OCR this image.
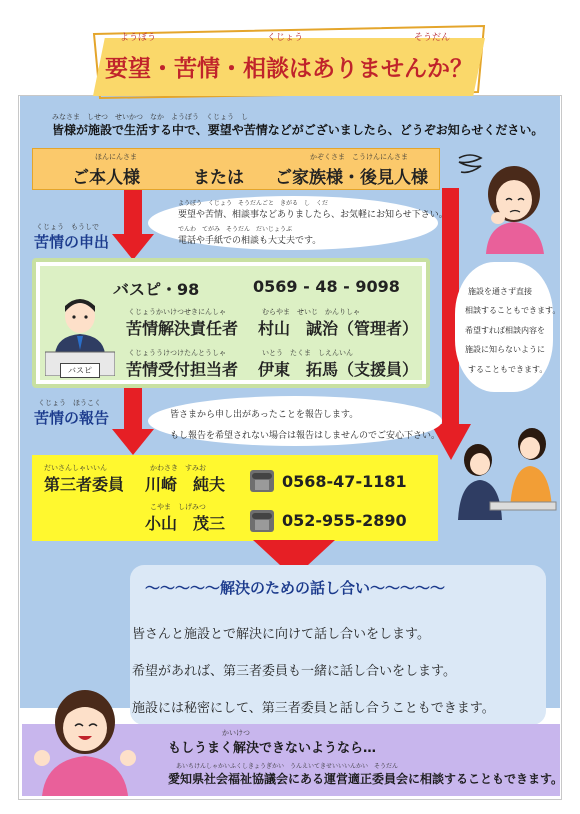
ようぼう	くじょう	そうだん
要望・苦情・相談はありませんか？
みなさま　しせつ　せいかつ　なか　ようぼう　くじょう　し
皆様が施設で生活する中で、要望や苦情などがございましたら、どうぞお知らせください。
ほんにんさま
ご本人様	または
かぞくさま　こうけんにんさま
ご家族様・後見人様
くじょう　もうしで
苦情の申出
ようぼう　くじょう　そうだんごと　きがる　し　くだ
要望や苦情、相談事などありましたら、お気軽にお知らせ下さい。
でんわ　てがみ　そうだん　だいじょうぶ
電話や手紙での相談も大丈夫です。
バスピ・98	0569 - 48 - 9098
くじょうかいけつせきにんしゃ
苦情解決責任者
むらやま　せいじ　かんりしゃ
村山　誠治（管理者）
くじょううけつけたんとうしゃ
苦情受付担当者
いとう　たくま　しえんいん
伊東　拓馬（支援員）
バスピ
施設を通さず直接
相談することもできます。
希望すれば相談内容を
施設に知らないように
することもできます。
くじょう　ほうこく
苦情の報告	皆さまから申し出があったことを報告します。
もし報告を希望されない場合は報告はしませんのでご安心下さい。
だいさんしゃいいん
第三者委員
かわさき　すみお
川崎　純夫	0568-47-1181
こやま　しげみつ
小山　茂三	052-955-2890
～～～～～解決のための話し合い～～～～～
皆さんと施設とで解決に向けて話し合いをします。
希望があれば、第三者委員も一緒に話し合いをします。
施設には秘密にして、第三者委員と話し合うこともできます。
かいけつ
もしうまく解決できないようなら…
あいちけんしゃかいふくしきょうぎかい　うんえいてきせいいいんかい　そうだん
愛知県社会福祉協議会にある運営適正委員会に相談することもできます。
